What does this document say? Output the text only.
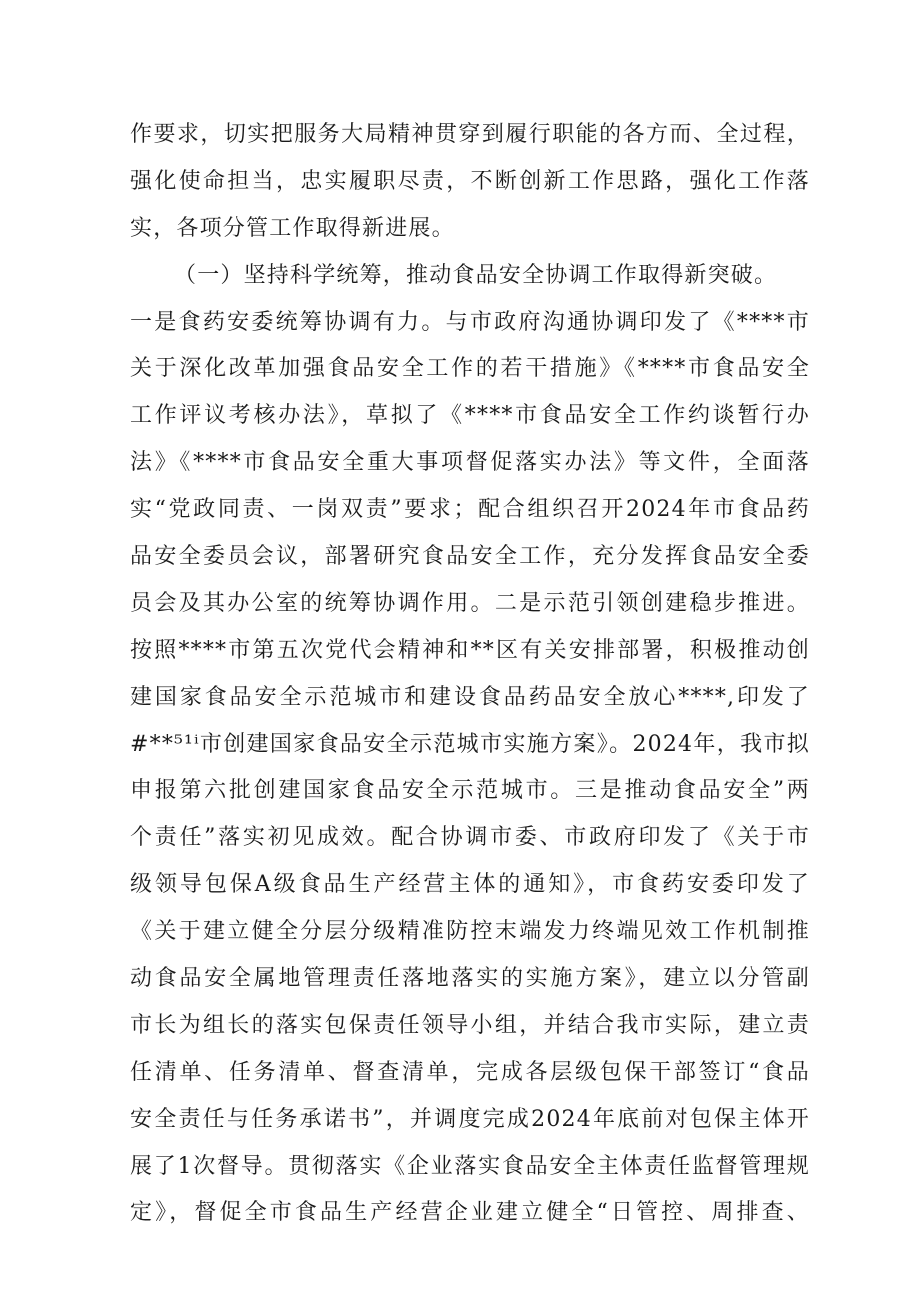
作要求，切实把服务大局精神贯穿到履行职能的各方而、全过程，
强化使命担当，忠实履职尽责，不断创新工作思路，强化工作落
实，各项分管工作取得新进展。
（一）坚持科学统筹，推动食品安全协调工作取得新突破。
一是食药安委统筹协调有力。与市政府沟通协调印发了《****市
关于深化改革加强食品安全工作的若干措施》《****市食品安全
工作评议考核办法》，草拟了《****市食品安全工作约谈暂行办
法》《****市食品安全重大事项督促落实办法》等文件，全面落
实“党政同责、一岗双责”要求；配合组织召开2024年市食品药
品安全委员会议，部署研究食品安全工作，充分发挥食品安全委
员会及其办公室的统筹协调作用。二是示范引领创建稳步推进。
按照****市第五次党代会精神和**区有关安排部署，积极推动创
建国家食品安全示范城市和建设食品药品安全放心****,印发了
#**⁵¹ⁱ市创建国家食品安全示范城市实施方案》。2024年，我市拟
申报第六批创建国家食品安全示范城市。三是推动食品安全”两
个责任”落实初见成效。配合协调市委、市政府印发了《关于市
级领导包保A级食品生产经营主体的通知》，市食药安委印发了
《关于建立健全分层分级精准防控末端发力终端见效工作机制推
动食品安全属地管理责任落地落实的实施方案》，建立以分管副
市长为组长的落实包保责任领导小组，并结合我市实际，建立责
任清单、任务清单、督查清单，完成各层级包保干部签订“食品
安全责任与任务承诺书”，并调度完成2024年底前对包保主体开
展了1次督导。贯彻落实《企业落实食品安全主体责任监督管理规
定》，督促全市食品生产经营企业建立健全“日管控、周排查、
